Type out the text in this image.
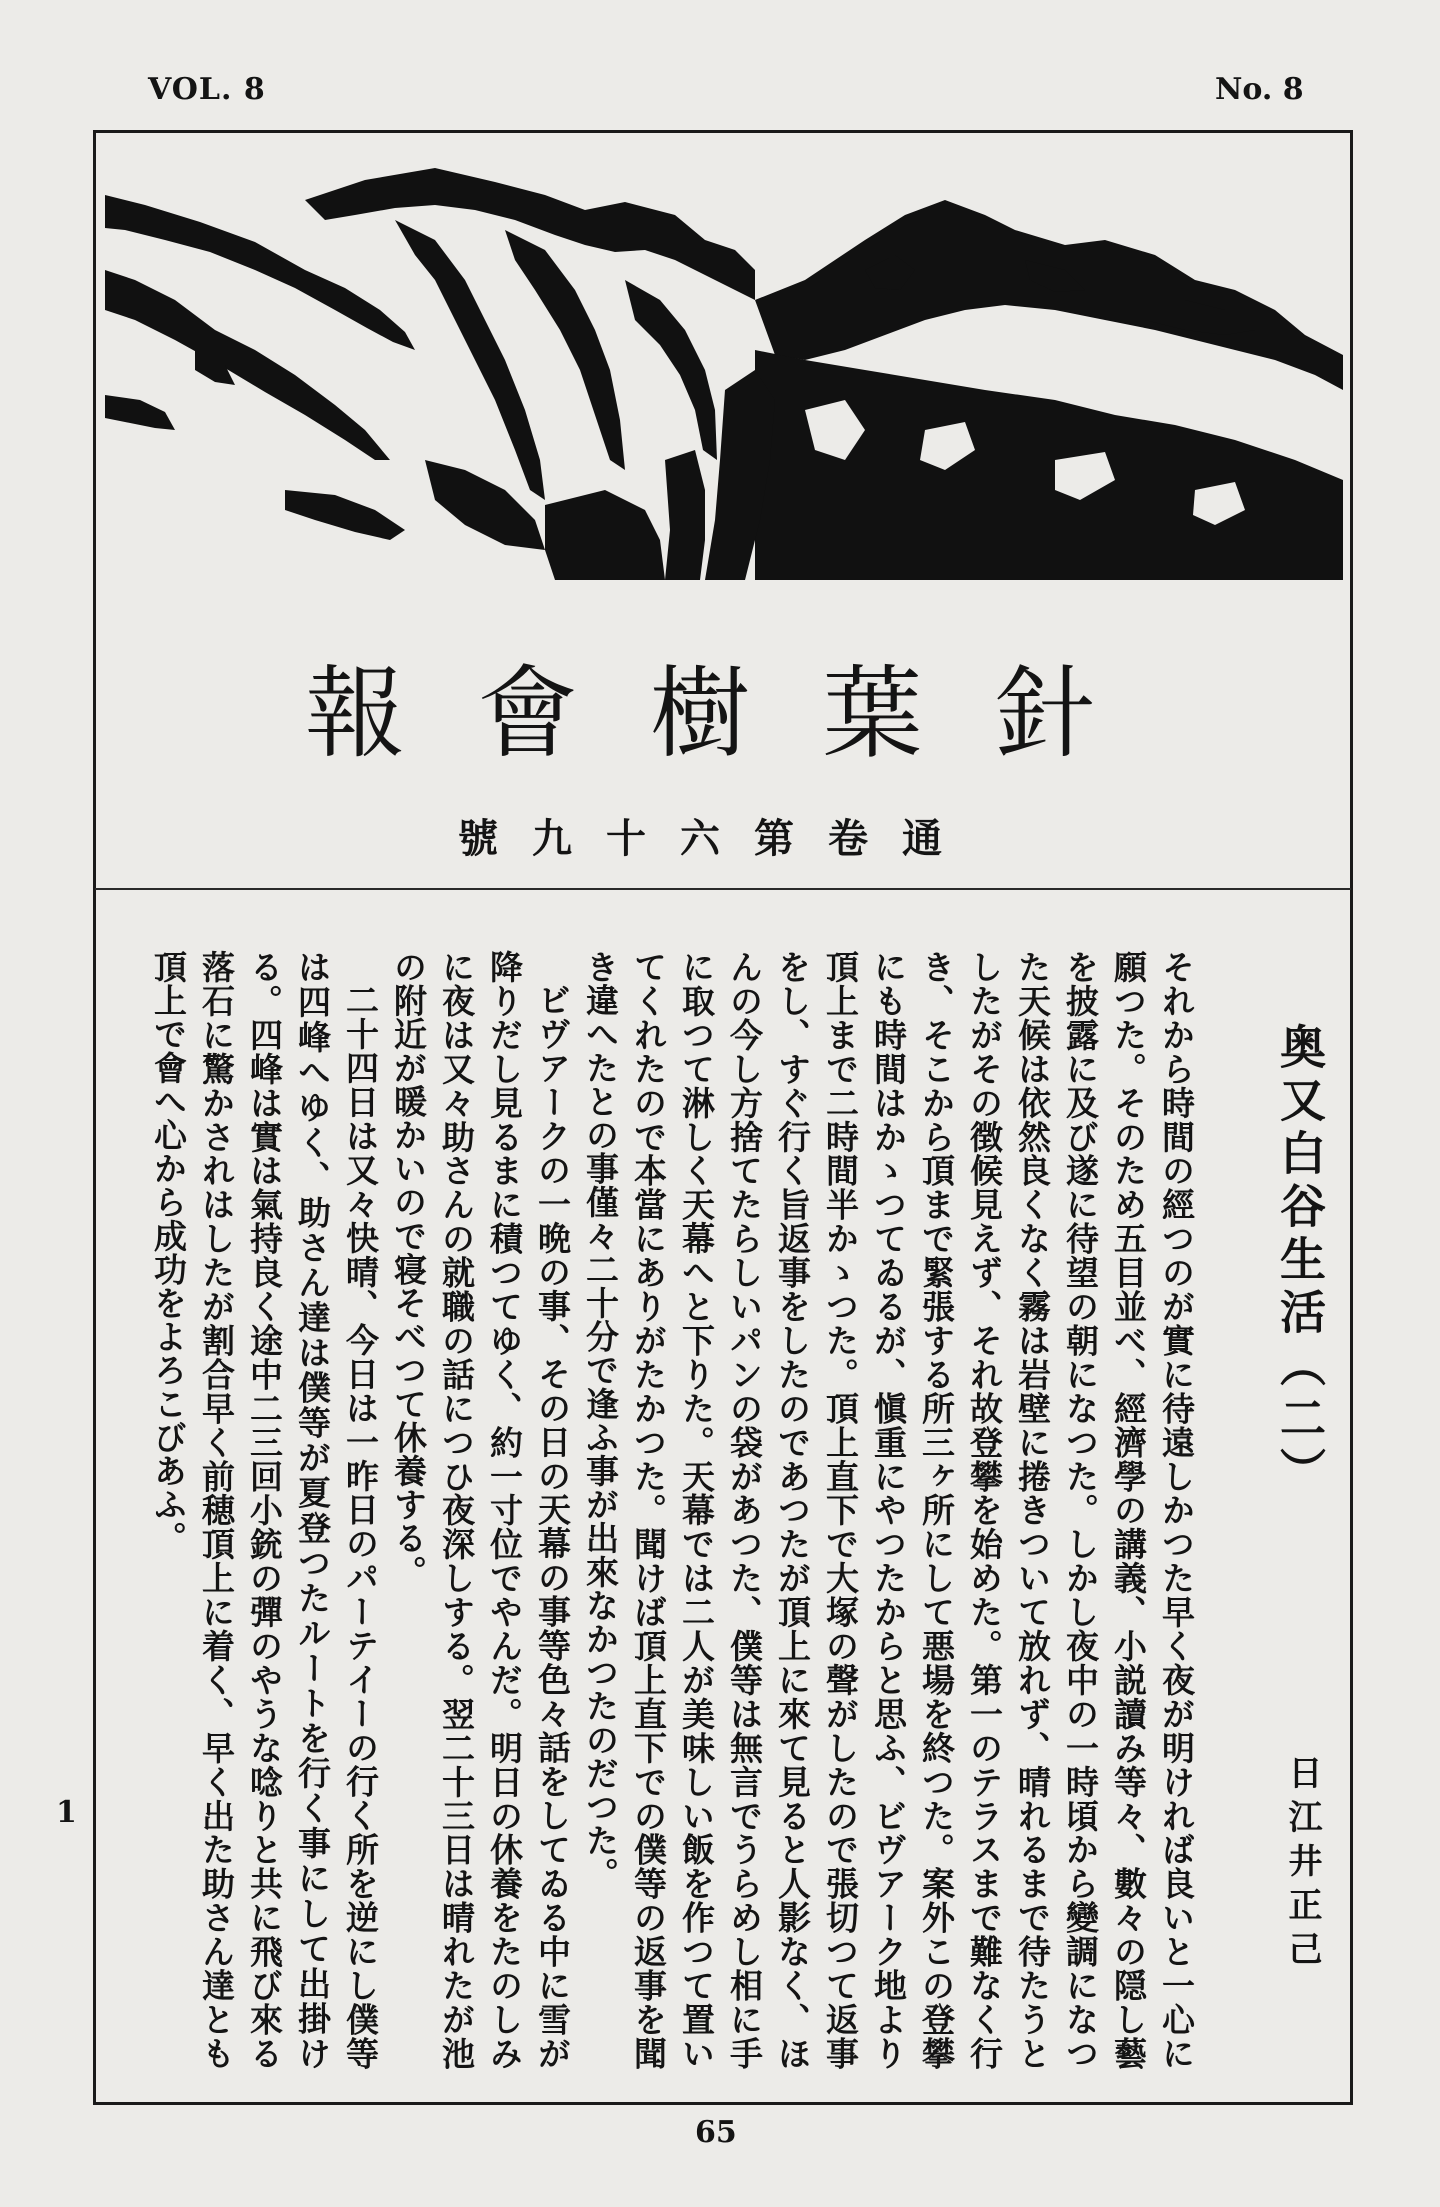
VOL. 8	No. 8
報 會 樹 葉 針
號 九 十 六 第 卷 通
奥又白谷生活（二）
日江井正己

それから時間の經つのが實に待遠しかつた早く夜が明ければ良いと一心に願つた。そのため五目並べ、經濟學の講義、小説讀み等々、數々の隠し藝を披露に及び遂に待望の朝になつた。しかし夜中の一時頃から變調になつた天候は依然良くなく霧は岩壁に捲きついて放れず、晴れるまで待たうとしたがその徴候見えず、それ故登攀を始めた。第一のテラスまで難なく行き、そこから頂まで緊張する所三ヶ所にして悪場を終つた。案外この登攀にも時間はかゝつてゐるが、愼重にやつたからと思ふ、ビヴアーク地より頂上まで二時間半かゝつた。頂上直下で大塚の聲がしたので張切つて返事をし、すぐ行く旨返事をしたのであつたが頂上に來て見ると人影なく、ほんの今し方捨てたらしいパンの袋があつた、僕等は無言でうらめし相に手に取つて淋しく天幕へと下りた。天幕では二人が美味しい飯を作つて置いてくれたので本當にありがたかつた。聞けば頂上直下での僕等の返事を聞き違へたとの事僅々二十分で逢ふ事が出來なかつたのだつた。

ビヴアークの一晩の事、その日の天幕の事等色々話をしてゐる中に雪が降りだし見るまに積つてゆく、約一寸位でやんだ。明日の休養をたのしみに夜は又々助さんの就職の話につひ夜深しする。翌二十三日は晴れたが池の附近が暖かいので寝そべつて休養する。

二十四日は又々快晴、今日は一昨日のパーテイーの行く所を逆にし僕等は四峰へゆく、助さん達は僕等が夏登つたルートを行く事にして出掛ける。四峰は實は氣持良く途中二三回小銃の彈のやうな唸りと共に飛び來る落石に驚かされはしたが割合早く前穂頂上に着く、早く出た助さん達とも頂上で會へ心から成功をよろこびあふ。

1
65
